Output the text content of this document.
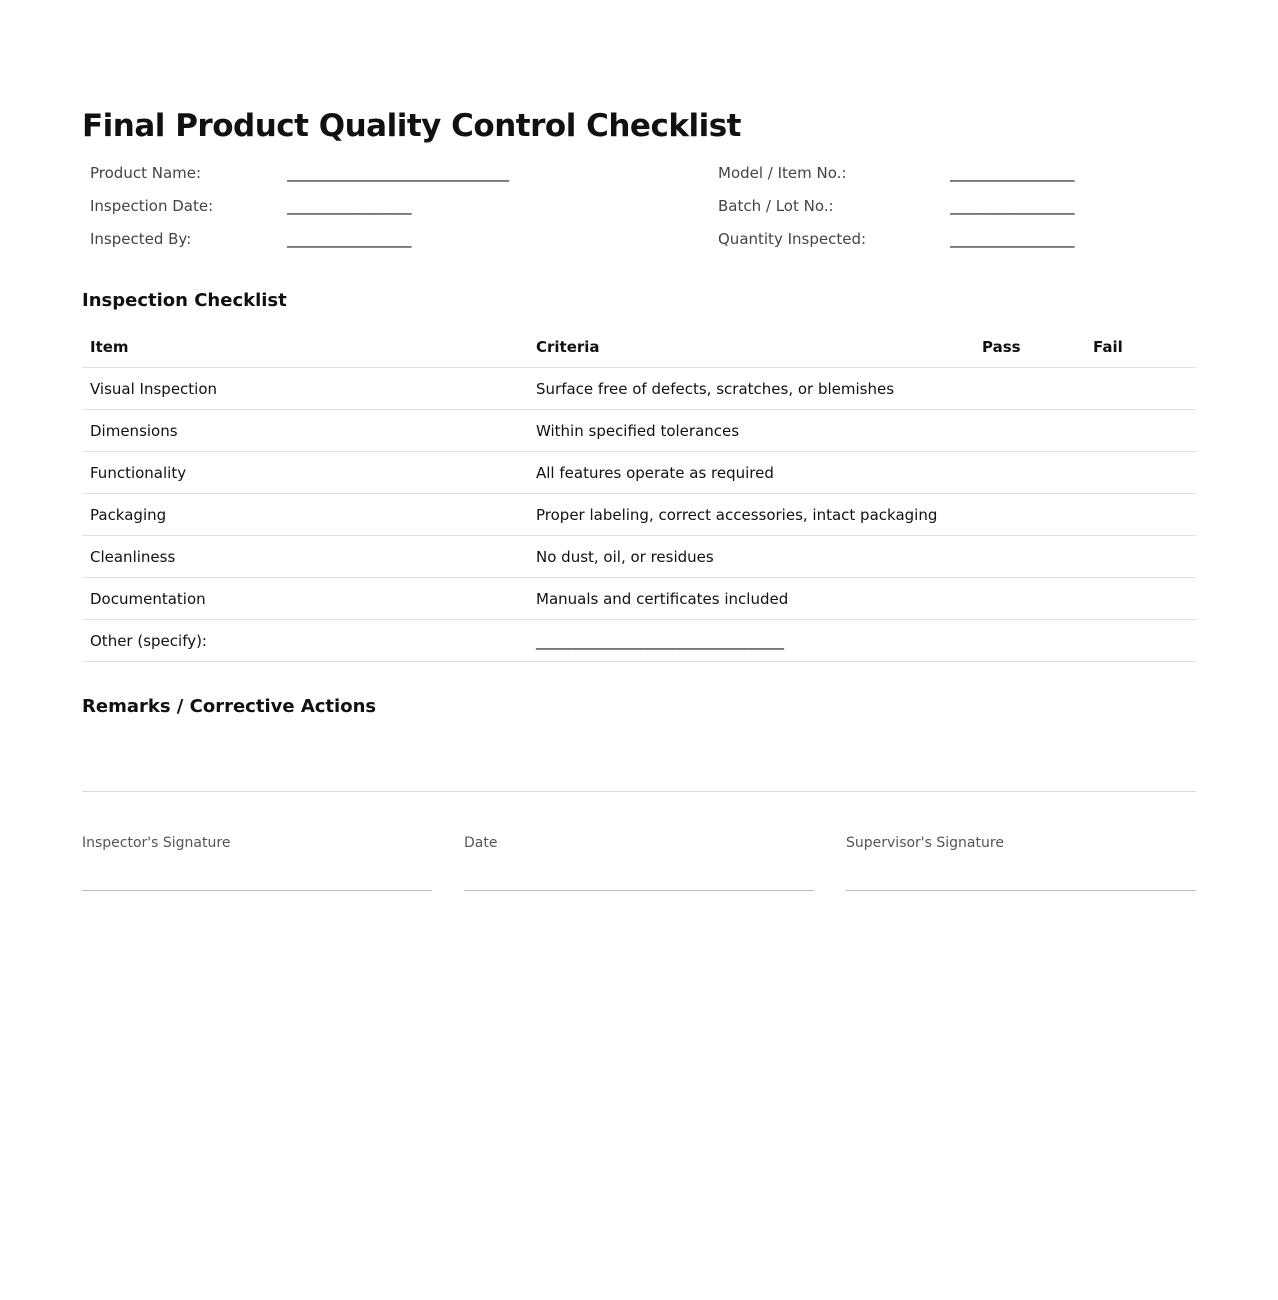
Final Product Quality Control Checklist
Product Name:	__________________________________
Inspection Date:	___________________
Inspected By:	___________________
Model / Item No.:	___________________
Batch / Lot No.:	___________________
Quantity Inspected:	___________________
Inspection Checklist
Item	Criteria	Pass	Fail
Visual Inspection	Surface free of defects, scratches, or blemishes		
Dimensions	Within specified tolerances		
Functionality	All features operate as required		
Packaging	Proper labeling, correct accessories, intact packaging		
Cleanliness	No dust, oil, or residues		
Documentation	Manuals and certificates included		
Other (specify):	______________________________________		
Remarks / Corrective Actions
Inspector's Signature	Date	Supervisor's Signature
